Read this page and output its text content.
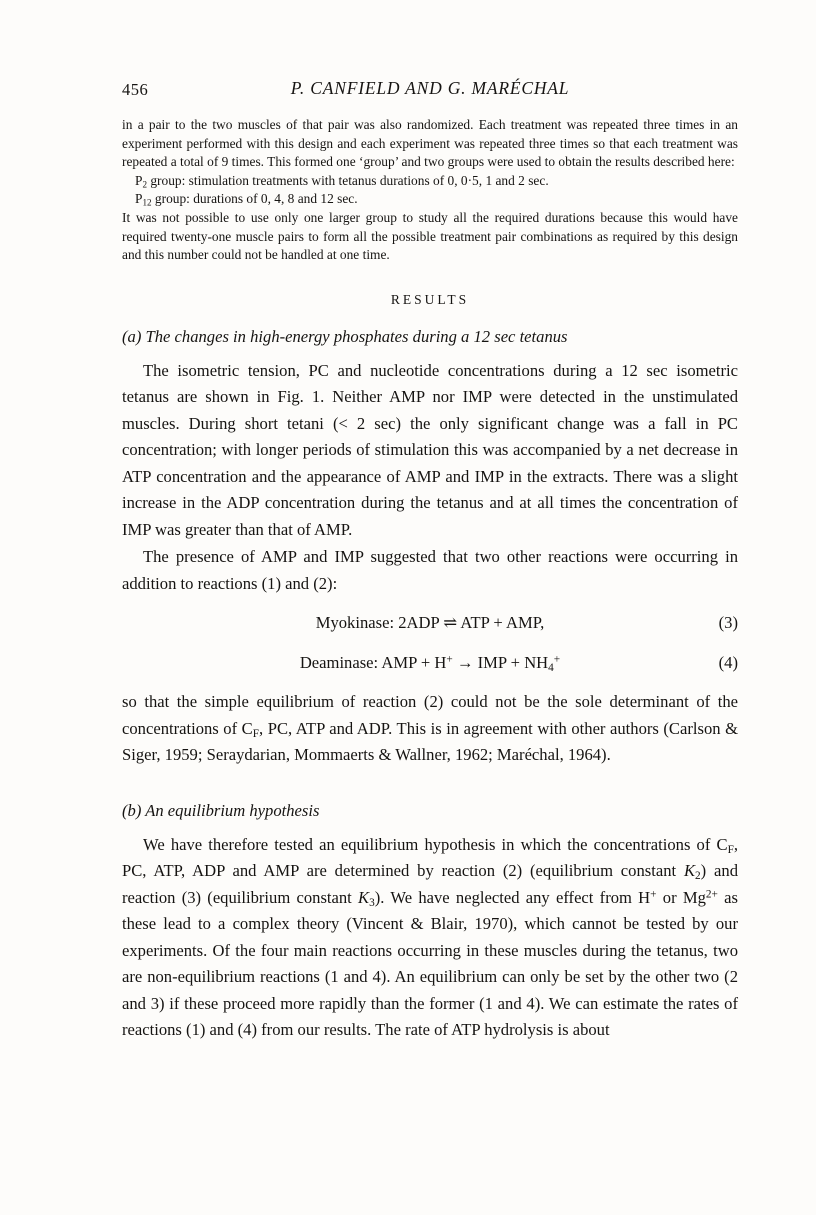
456	P. CANFIELD AND G. MARÉCHAL

in a pair to the two muscles of that pair was also randomized. Each treatment was repeated three times in an experiment performed with this design and each experiment was repeated three times so that each treatment was repeated a total of 9 times. This formed one ‘group’ and two groups were used to obtain the results described here:

$P_2$ group: stimulation treatments with tetanus durations of 0, 0·5, 1 and 2 sec.

$P_{12}$ group: durations of 0, 4, 8 and 12 sec.

It was not possible to use only one larger group to study all the required durations because this would have required twenty-one muscle pairs to form all the possible treatment pair combinations as required by this design and this number could not be handled at one time.

RESULTS
(a) The changes in high-energy phosphates during a 12 sec tetanus

The isometric tension, PC and nucleotide concentrations during a 12 sec isometric tetanus are shown in Fig. 1. Neither AMP nor IMP were detected in the unstimulated muscles. During short tetani (< 2 sec) the only significant change was a fall in PC concentration; with longer periods of stimulation this was accompanied by a net decrease in ATP concentration and the appearance of AMP and IMP in the extracts. There was a slight increase in the ADP concentration during the tetanus and at all times the concentration of IMP was greater than that of AMP.

The presence of AMP and IMP suggested that two other reactions were occurring in addition to reactions (1) and (2):

Myokinase: 2ADP ⇌ ATP + AMP,	(3)
Deaminase: AMP + H+ → IMP + $NH_4^+$	(4)

so that the simple equilibrium of reaction (2) could not be the sole determinant of the concentrations of $C_F$, PC, ATP and ADP. This is in agreement with other authors (Carlson & Siger, 1959; Seraydarian, Mommaerts & Wallner, 1962; Maréchal, 1964).

(b) An equilibrium hypothesis

We have therefore tested an equilibrium hypothesis in which the concentrations of $C_F$, PC, ATP, ADP and AMP are determined by reaction (2) (equilibrium constant $K_2$) and reaction (3) (equilibrium constant $K_3$). We have neglected any effect from H+ or $Mg^{2+}$ as these lead to a complex theory (Vincent & Blair, 1970), which cannot be tested by our experiments. Of the four main reactions occurring in these muscles during the tetanus, two are non-equilibrium reactions (1 and 4). An equilibrium can only be set by the other two (2 and 3) if these proceed more rapidly than the former (1 and 4). We can estimate the rates of reactions (1) and (4) from our results. The rate of ATP hydrolysis is about
